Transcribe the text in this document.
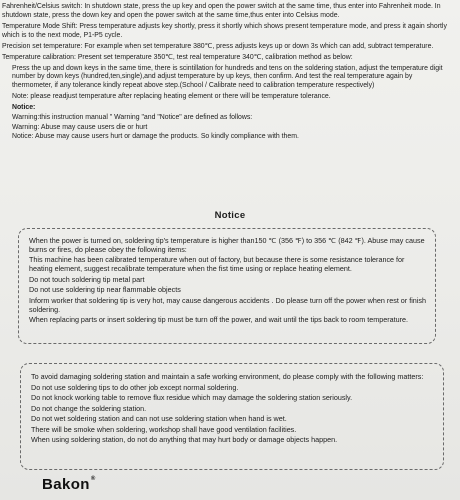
Fahrenheit/Celsius switch: In shutdown state, press the up key and open the power switch at the same time, thus enter into Fahrenheit mode. In shutdown state, press the down key and open the power switch at the same time,thus enter into Celsius mode.

Temperature Mode Shift: Press temperature adjusts key shortly, press it shortly which shows present temperature mode, and press it again shortly which is to the next mode, P1-P5 cycle.

Precision set temperature: For example when set temperature 380℃, press adjusts keys up or down 3s which can add, subtract temperature.

Temperature calibration: Present set temperature 350℃, test real temperature 340℃, calibration method as below:

Press the up and down keys in the same time, there is scintillation for hundreds and tens on the soldering station, adjust the temperature digit number by down keys (hundred,ten,single),and adjust temperature by up keys, then confirm. And test the real temperature again by thermometer, if any tolerance kindly repeat above step.(School / Calibrate need to calibration temperature respectively)

Note: please readjust temperature after replacing heating element or there will be temperature tolerance.

Notice:

Warning:this instruction manual " Warning "and "Notice" are defined as follows:

Warning: Abuse may cause users die or hurt

Notice: Abuse may cause users hurt or damage the products. So kindly compliance with them.

Notice

When the power is turned on, soldering tip's temperature is higher than150 ℃ (356 ℉) to 356 ℃ (842 ℉). Abuse may cause burns or fires, do please obey the following items:

This machine has been calibrated temperature when out of factory, but because there is some resistance tolerance for heating element, suggest recalibrate temperature when the fist time using or replace heating element.

Do not touch soldering tip metal part

Do not use soldering tip near flammable objects

Inform worker that soldering tip is very hot, may cause dangerous accidents . Do please turn off the power when rest or finish soldering.

When replacing parts or insert soldering tip must be turn off the power, and wait until the tips back to room temperature.

To avoid damaging soldering station and maintain a safe working environment, do please comply with the following matters:

Do not use soldering tips to do other job except normal soldering.

Do not knock working table to remove flux residue which may damage the soldering station seriously.

Do not change the soldering station.

Do not wet soldering station and can not use soldering station when hand is wet.

There will be smoke when soldering, workshop shall have good ventilation facilities.

When using soldering station, do not do anything that may hurt body or damage objects happen.

Bakon®
